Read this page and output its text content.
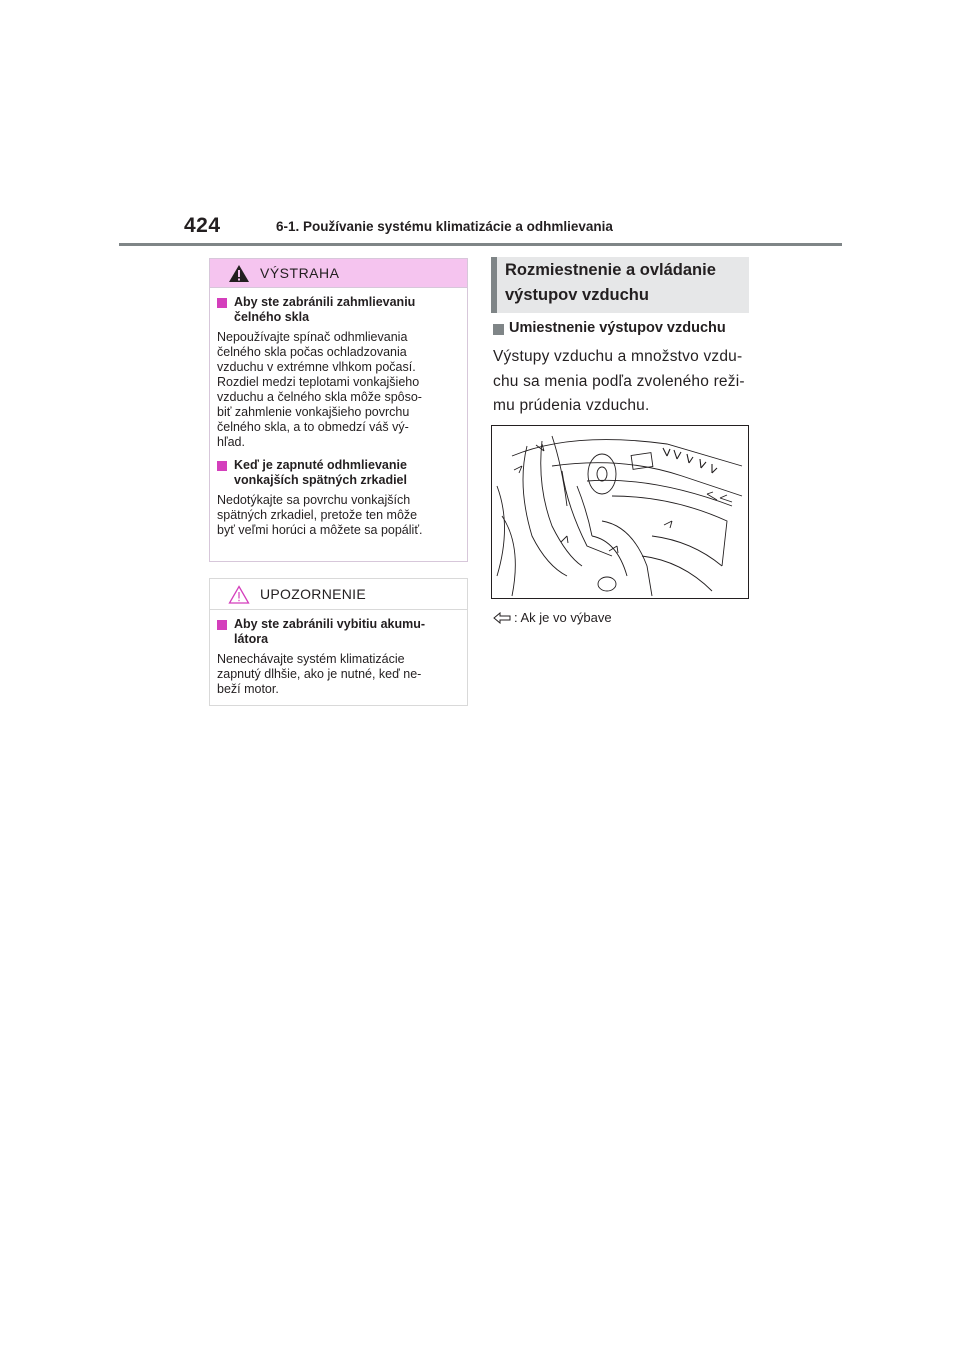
424	6-1. Používanie systému klimatizácie a odhmlievania
VÝSTRAHA
Aby ste zabránili zahmlievaniu
čelného skla
Nepoužívajte spínač odhmlievania
čelného skla počas ochladzovania
vzduchu v extrémne vlhkom počasí.
Rozdiel medzi teplotami vonkajšieho
vzduchu a čelného skla môže spôso-
biť zahmlenie vonkajšieho povrchu
čelného skla, a to obmedzí váš vý-
hľad.
Keď je zapnuté odhmlievanie
vonkajších spätných zrkadiel
Nedotýkajte sa povrchu vonkajších
spätných zrkadiel, pretože ten môže
byť veľmi horúci a môžete sa popáliť.
UPOZORNENIE
Aby ste zabránili vybitiu akumu-
látora
Nenechávajte systém klimatizácie
zapnutý dlhšie, ako je nutné, keď ne-
beží motor.
Rozmiestnenie a ovládanie
výstupov vzduchu
Umiestnenie výstupov vzduchu
Výstupy vzduchu a množstvo vzdu-
chu sa menia podľa zvoleného reži-
mu prúdenia vzduchu.
: Ak je vo výbave
